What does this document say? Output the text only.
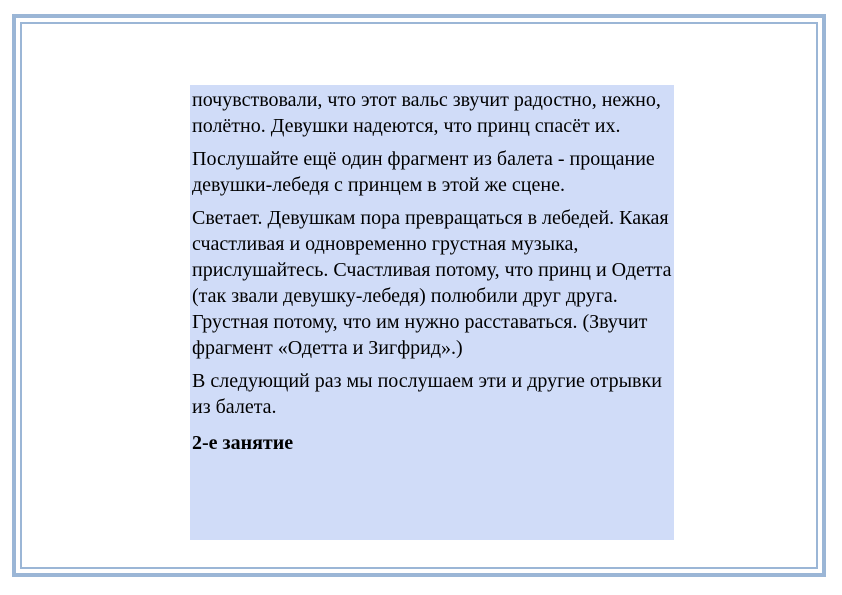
почувствовали, что этот вальс звучит радостно, нежно, полётно. Девушки надеются, что принц спасёт их.

Послушайте ещё один фрагмент из балета - прощание девушки-лебедя с принцем в этой же сцене.

Светает. Девушкам пора превращаться в лебедей. Какая счастливая и одновременно грустная музыка, прислушайтесь. Счастливая потому, что принц и Одетта (так звали девушку-лебедя) полюбили друг друга. Грустная потому, что им нужно расставаться. (Звучит фрагмент «Одетта и Зигфрид».)

В следующий раз мы послушаем эти и другие отрывки из балета.

2-е занятие
